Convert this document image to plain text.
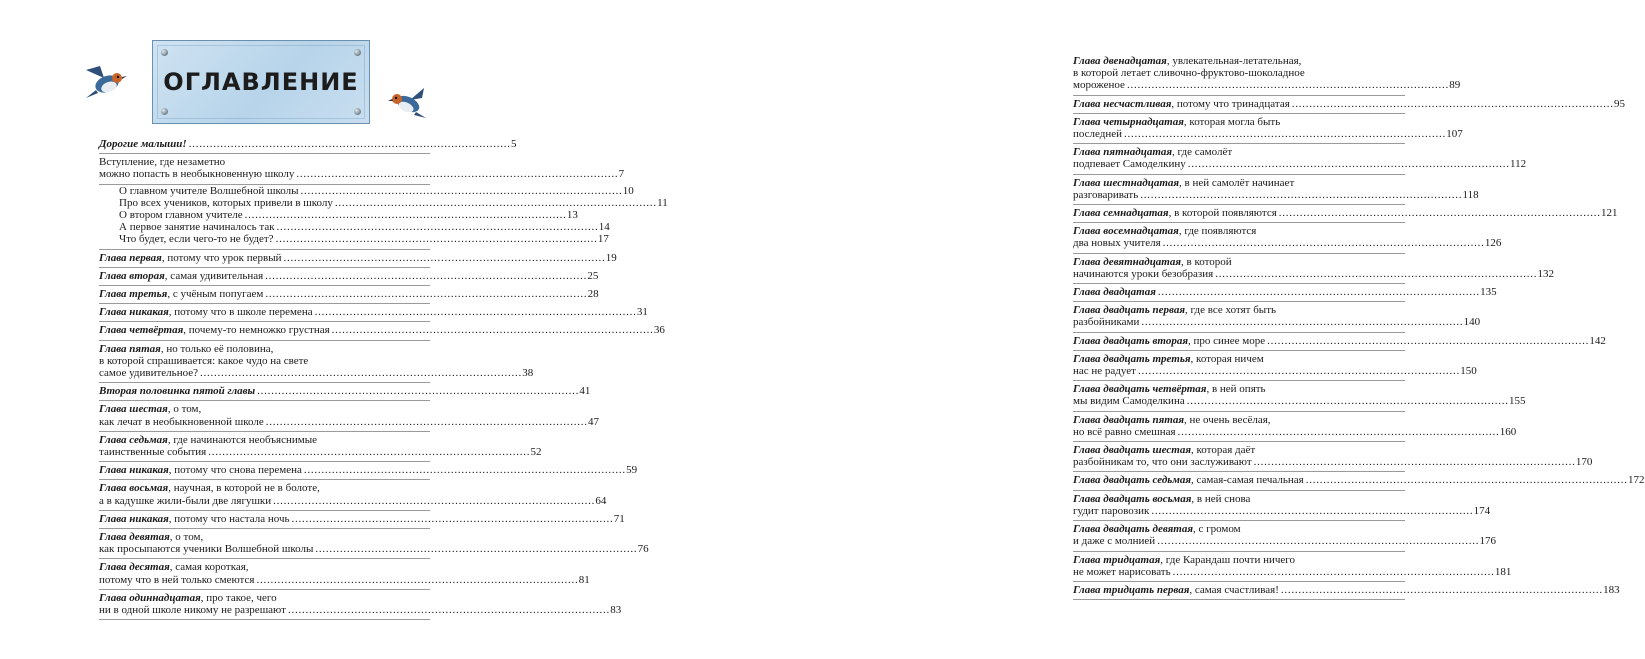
ОГЛАВЛЕНИЕ
Дорогие малыши! . . .	5
Вступление, где незаметно
можно попасть в необыкновенную школу . . .	7
О главном учителе Волшебной школы . . .	10
Про всех учеников, которых привели в школу . . .	11
О втором главном учителе . . .	13
А первое занятие начиналось так . . .	14
Что будет, если чего-то не будет? . . .	17
Глава первая, потому что урок первый . . .	19
Глава вторая, самая удивительная . . .	25
Глава третья, с учёным попугаем . . .	28
Глава никакая, потому что в школе перемена . . .	31
Глава четвёртая, почему-то немножко грустная . . .	36
Глава пятая, но только её половина,
в которой спрашивается: какое чудо на свете
самое удивительное? . . .	38
Вторая половинка пятой главы . . .	41
Глава шестая, о том,
как лечат в необыкновенной школе . . .	47
Глава седьмая, где начинаются необъяснимые
таинственные события . . .	52
Глава никакая, потому что снова перемена . . .	59
Глава восьмая, научная, в которой не в болоте,
а в кадушке жили-были две лягушки . . .	64
Глава никакая, потому что настала ночь . . .	71
Глава девятая, о том,
как просыпаются ученики Волшебной школы . . .	76
Глава десятая, самая короткая,
потому что в ней только смеются . . .	81
Глава одиннадцатая, про такое, чего
ни в одной школе никому не разрешают . . .	83
Глава двенадцатая, увлекательная-летательная,
в которой летает сливочно-фруктово-шоколадное
мороженое . . .	89
Глава несчастливая, потому что тринадцатая . . .	95
Глава четырнадцатая, которая могла быть
последней . . .	107
Глава пятнадцатая, где самолёт
подпевает Самоделкину . . .	112
Глава шестнадцатая, в ней самолёт начинает
разговаривать . . .	118
Глава семнадцатая, в которой появляются . . .	121
Глава восемнадцатая, где появляются
два новых учителя . . .	126
Глава девятнадцатая, в которой
начинаются уроки безобразия . . .	132
Глава двадцатая . . .	135
Глава двадцать первая, где все хотят быть
разбойниками . . .	140
Глава двадцать вторая, про синее море . . .	142
Глава двадцать третья, которая ничем
нас не радует . . .	150
Глава двадцать четвёртая, в ней опять
мы видим Самоделкина . . .	155
Глава двадцать пятая, не очень весёлая,
но всё равно смешная . . .	160
Глава двадцать шестая, которая даёт
разбойникам то, что они заслуживают . . .	170
Глава двадцать седьмая, самая-самая печальная . . .	172
Глава двадцать восьмая, в ней снова
гудит паровозик . . .	174
Глава двадцать девятая, с громом
и даже с молнией . . .	176
Глава тридцатая, где Карандаш почти ничего
не может нарисовать . . .	181
Глава тридцать первая, самая счастливая! . . .	183
